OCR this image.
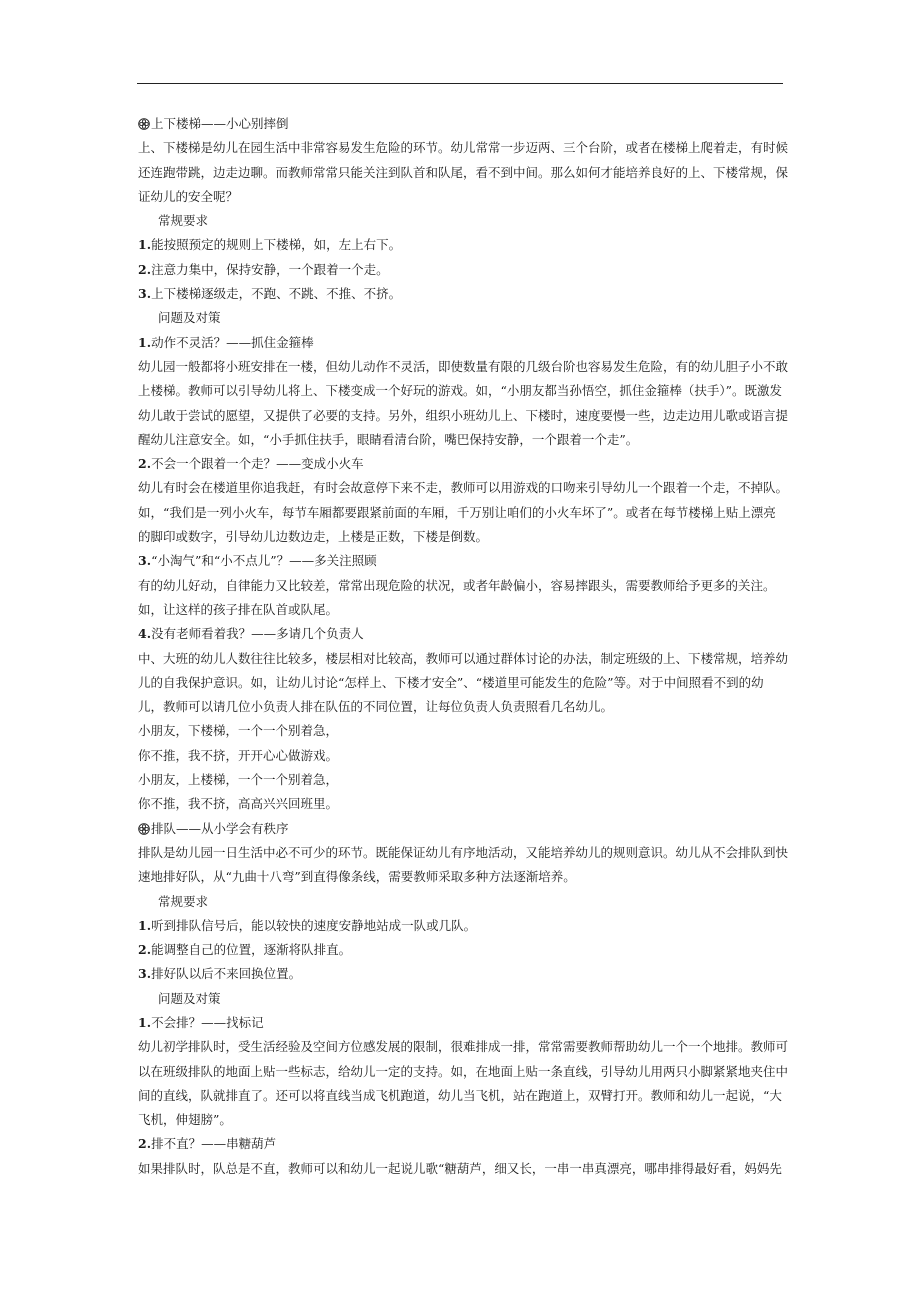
上下楼梯——小心别摔倒

上、下楼梯是幼儿在园生活中非常容易发生危险的环节。幼儿常常一步迈两、三个台阶，或者在楼梯上爬着走，有时候还连跑带跳，边走边聊。而教师常常只能关注到队首和队尾，看不到中间。那么如何才能培养良好的上、下楼常规，保证幼儿的安全呢？

常规要求

1.能按照预定的规则上下楼梯，如，左上右下。

2.注意力集中，保持安静，一个跟着一个走。

3.上下楼梯逐级走，不跑、不跳、不推、不挤。

问题及对策

1.动作不灵活？——抓住金箍棒

幼儿园一般都将小班安排在一楼，但幼儿动作不灵活，即使数量有限的几级台阶也容易发生危险，有的幼儿胆子小不敢上楼梯。教师可以引导幼儿将上、下楼变成一个好玩的游戏。如，“小朋友都当孙悟空，抓住金箍棒（扶手）”。既激发幼儿敢于尝试的愿望，又提供了必要的支持。另外，组织小班幼儿上、下楼时，速度要慢一些，边走边用儿歌或语言提醒幼儿注意安全。如，“小手抓住扶手，眼睛看清台阶，嘴巴保持安静，一个跟着一个走”。

2.不会一个跟着一个走？——变成小火车

幼儿有时会在楼道里你追我赶，有时会故意停下来不走，教师可以用游戏的口吻来引导幼儿一个跟着一个走，不掉队。如，“我们是一列小火车，每节车厢都要跟紧前面的车厢，千万别让咱们的小火车坏了”。或者在每节楼梯上贴上漂亮的脚印或数字，引导幼儿边数边走，上楼是正数，下楼是倒数。

3.“小淘气”和“小不点儿”？——多关注照顾

有的幼儿好动，自律能力又比较差，常常出现危险的状况，或者年龄偏小，容易摔跟头，需要教师给予更多的关注。如，让这样的孩子排在队首或队尾。

4.没有老师看着我？——多请几个负责人

中、大班的幼儿人数往往比较多，楼层相对比较高，教师可以通过群体讨论的办法，制定班级的上、下楼常规，培养幼儿的自我保护意识。如，让幼儿讨论“怎样上、下楼才安全”、“楼道里可能发生的危险”等。对于中间照看不到的幼儿，教师可以请几位小负责人排在队伍的不同位置，让每位负责人负责照看几名幼儿。

小朋友，下楼梯，一个一个别着急，

你不推，我不挤，开开心心做游戏。

小朋友，上楼梯，一个一个别着急，

你不推，我不挤，高高兴兴回班里。

排队——从小学会有秩序

排队是幼儿园一日生活中必不可少的环节。既能保证幼儿有序地活动，又能培养幼儿的规则意识。幼儿从不会排队到快速地排好队，从“九曲十八弯”到直得像条线，需要教师采取多种方法逐渐培养。

常规要求

1.听到排队信号后，能以较快的速度安静地站成一队或几队。

2.能调整自己的位置，逐渐将队排直。

3.排好队以后不来回换位置。

问题及对策

1.不会排？——找标记

幼儿初学排队时，受生活经验及空间方位感发展的限制，很难排成一排，常常需要教师帮助幼儿一个一个地排。教师可以在班级排队的地面上贴一些标志，给幼儿一定的支持。如，在地面上贴一条直线，引导幼儿用两只小脚紧紧地夹住中间的直线，队就排直了。还可以将直线当成飞机跑道，幼儿当飞机，站在跑道上，双臂打开。教师和幼儿一起说，“大飞机，伸翅膀”。

2.排不直？——串糖葫芦

如果排队时，队总是不直，教师可以和幼儿一起说儿歌“糖葫芦，细又长，一串一串真漂亮，哪串排得最好看，妈妈先
